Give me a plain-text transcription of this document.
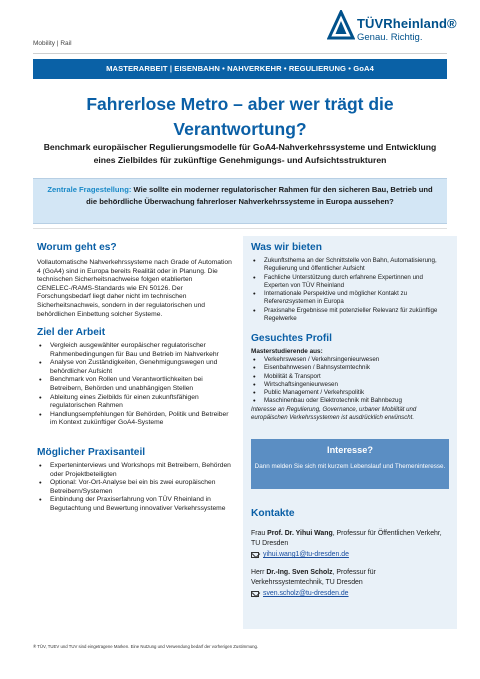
TÜVRheinland®
Genau. Richtig.
Mobility | Rail
MASTERARBEIT | EISENBAHN • NAHVERKEHR • REGULIERUNG • GoA4
Fahrerlose Metro – aber wer trägt die Verantwortung?
Benchmark europäischer Regulierungsmodelle für GoA4-Nahverkehrssysteme und Entwicklung eines Zielbildes für zukünftige Genehmigungs- und Aufsichtsstrukturen
Zentrale Fragestellung: Wie sollte ein moderner regulatorischer Rahmen für den sicheren Bau, Betrieb und die behördliche Überwachung fahrerloser Nahverkehrssysteme in Europa aussehen?
Worum geht es?

Vollautomatische Nahverkehrssysteme nach Grade of Automation 4 (GoA4) sind in Europa bereits Realität oder in Planung. Die technischen Sicherheitsnachweise folgen etablierten CENELEC-/RAMS-Standards wie EN 50126. Der Forschungsbedarf liegt daher nicht im technischen Sicherheitsnachweis, sondern in der regulatorischen und behördlichen Einbettung solcher Systeme.

Ziel der Arbeit
• Vergleich ausgewählter europäischer regulatorischer Rahmenbedingungen für Bau und Betrieb im Nahverkehr
• Analyse von Zuständigkeiten, Genehmigungswegen und behördlicher Aufsicht
• Benchmark von Rollen und Verantwortlichkeiten bei Betreibern, Behörden und unabhängigen Stellen
• Ableitung eines Zielbilds für einen zukunftsfähigen regulatorischen Rahmen
• Handlungsempfehlungen für Behörden, Politik und Betreiber im Kontext zukünftiger GoA4-Systeme
Möglicher Praxisanteil
• Experteninterviews und Workshops mit Betreibern, Behörden oder Projektbeteiligten
• Optional: Vor-Ort-Analyse bei ein bis zwei europäischen Betreibern/Systemen
• Einbindung der Praxiserfahrung von TÜV Rheinland in Begutachtung und Bewertung innovativer Verkehrssysteme
Was wir bieten
• Zukunftsthema an der Schnittstelle von Bahn, Automatisierung, Regulierung und öffentlicher Aufsicht
• Fachliche Unterstützung durch erfahrene Expertinnen und Experten von TÜV Rheinland
• Internationale Perspektive und möglicher Kontakt zu Referenzsystemen in Europa
• Praxisnahe Ergebnisse mit potenzieller Relevanz für zukünftige Regelwerke
Gesuchtes Profil
Masterstudierende aus:
• Verkehrswesen / Verkehrsingenieurwesen
• Eisenbahnwesen / Bahnsystemtechnik
• Mobilität & Transport
• Wirtschaftsingenieurwesen
• Public Management / Verkehrspolitik
• Maschinenbau oder Elektrotechnik mit Bahnbezug

Interesse an Regulierung, Governance, urbaner Mobilität und europäischen Verkehrssystemen ist ausdrücklich erwünscht.

Interesse?
Dann melden Sie sich mit kurzem Lebenslauf und Themeninteresse.
Kontakte
Frau Prof. Dr. Yihui Wang, Professur für Öffentlichen Verkehr, TU Dresden
yihui.wang1@tu-dresden.de
Herr Dr.-Ing. Sven Scholz, Professur für Verkehrssystemtechnik, TU Dresden
sven.scholz@tu-dresden.de
® TÜV, TUEV und TUV sind eingetragene Marken. Eine Nutzung und Verwendung bedarf der vorherigen Zustimmung.
